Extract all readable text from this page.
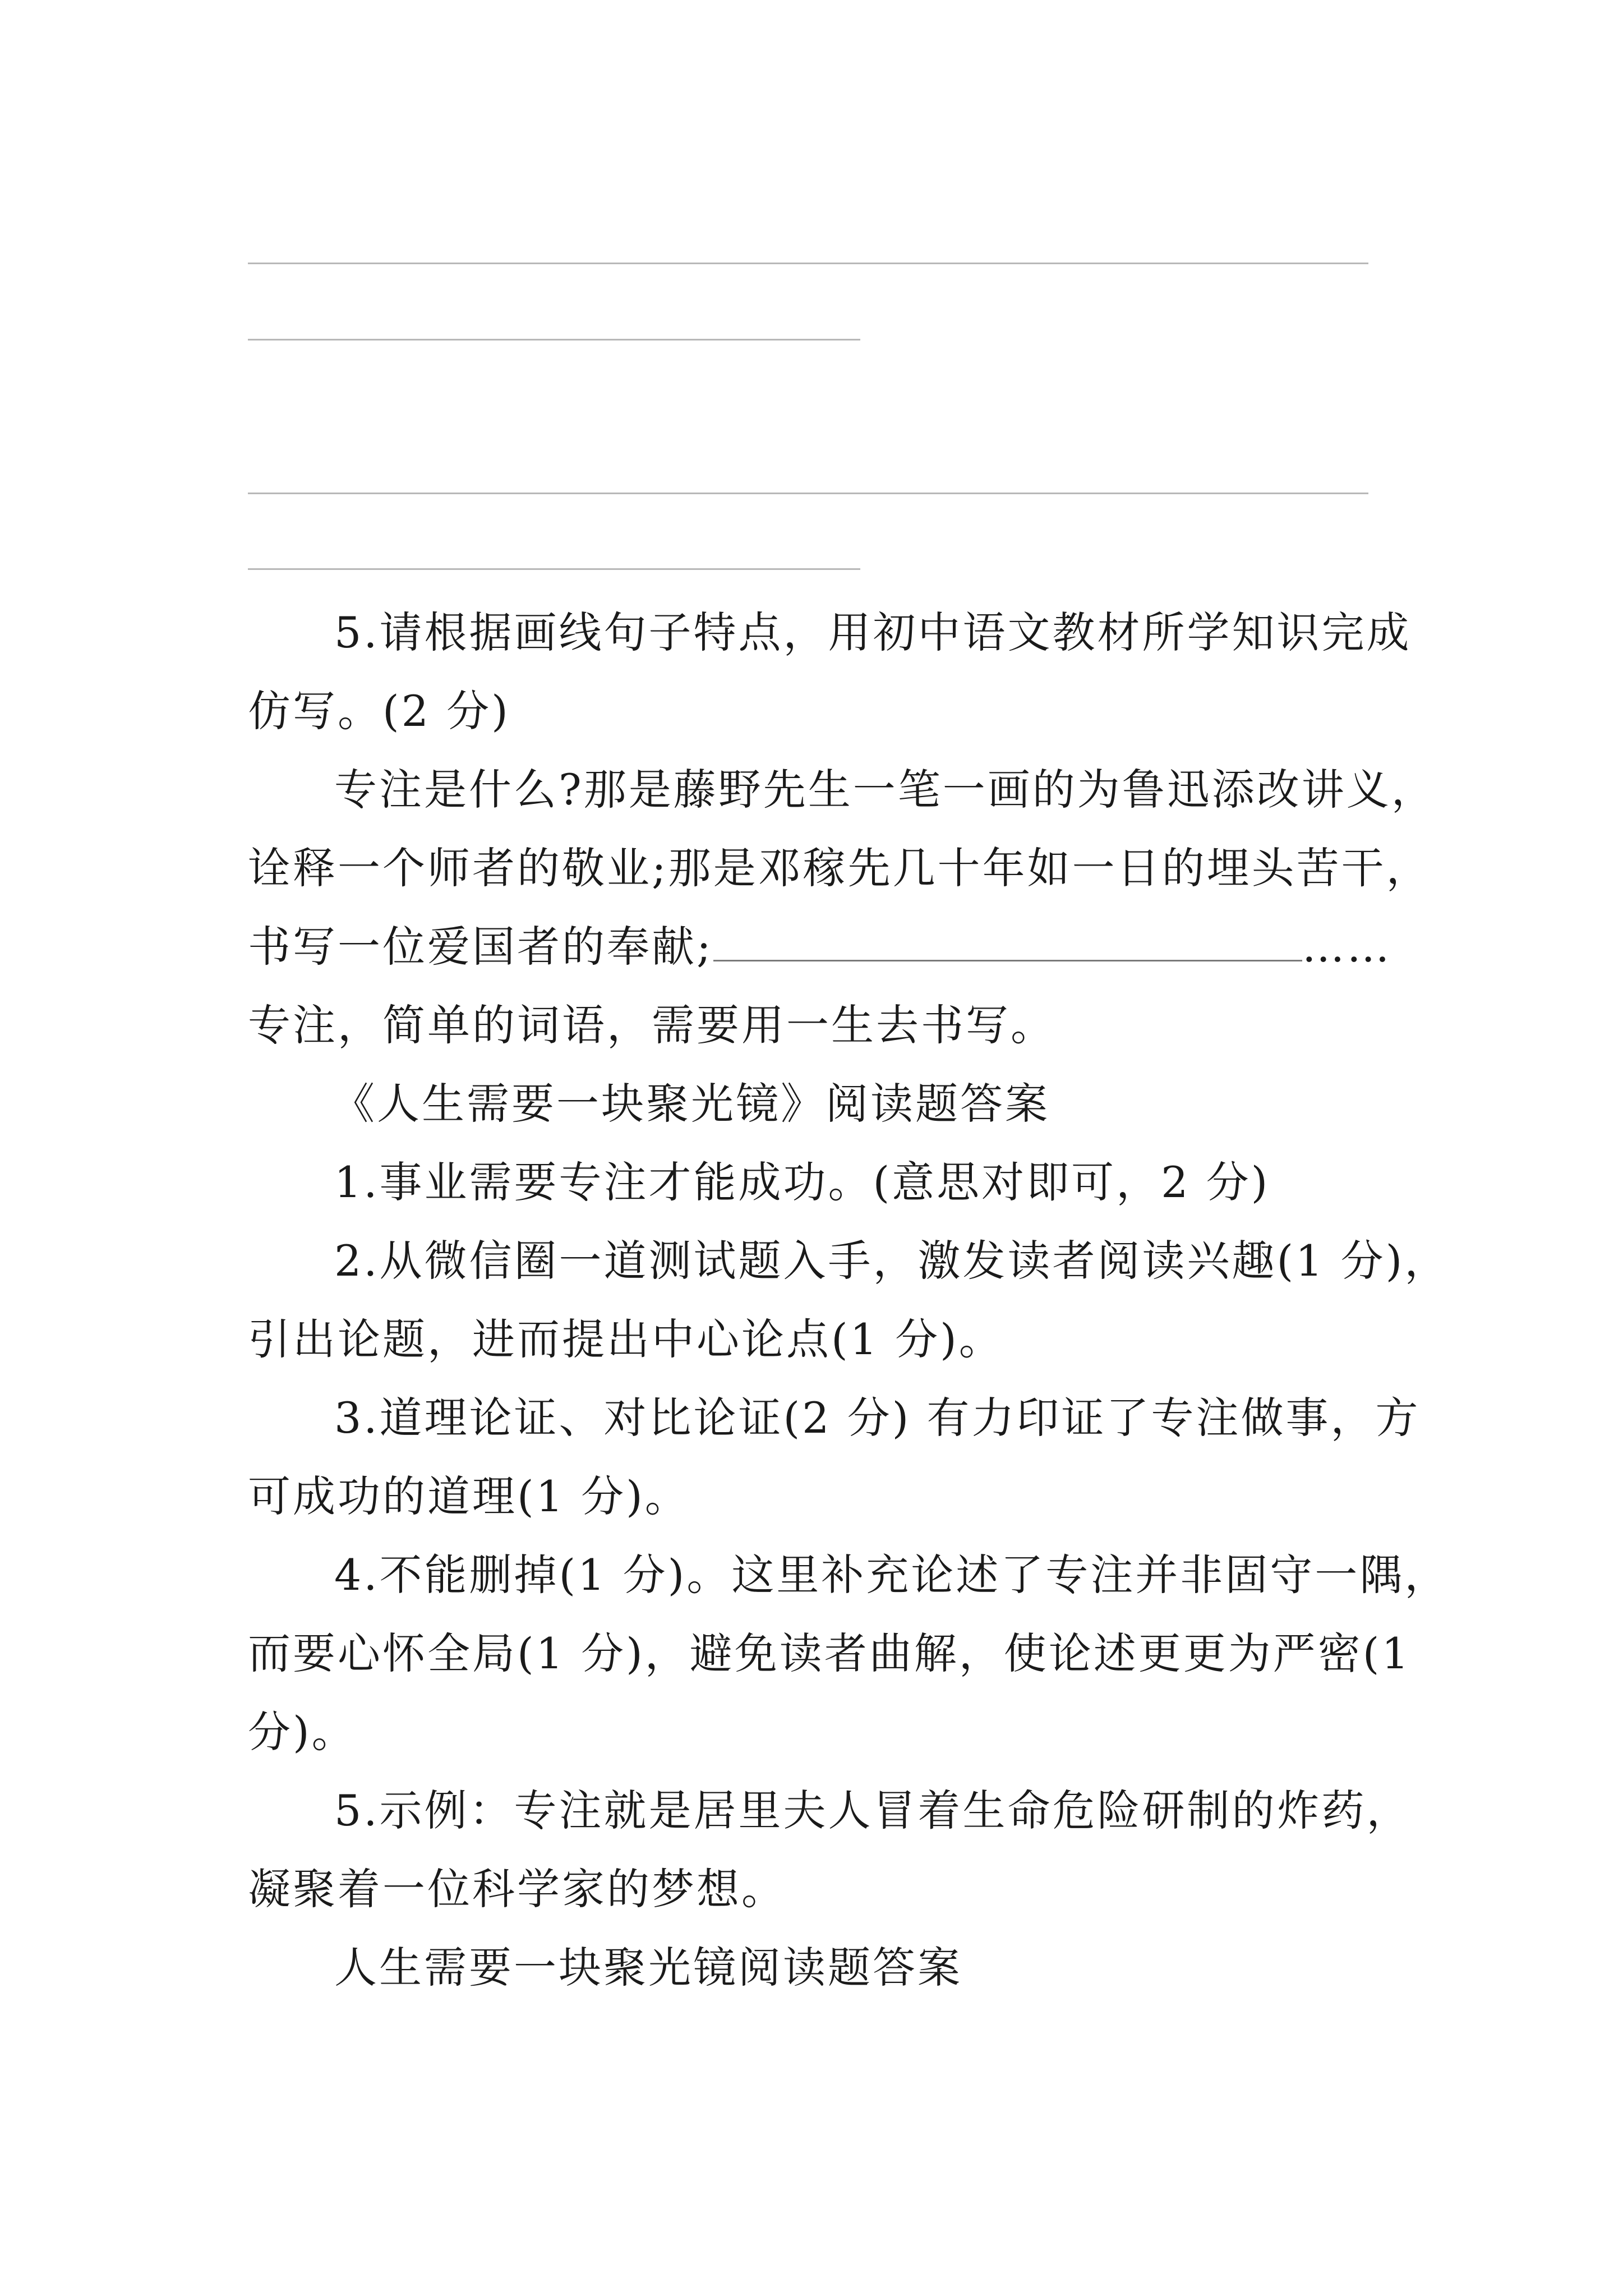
5.请根据画线句子特点，用初中语文教材所学知识完成
仿写。(2 分)
专注是什么?那是藤野先生一笔一画的为鲁迅添改讲义，
诠释一个师者的敬业;那是邓稼先几十年如一日的埋头苦干，
书写一位爱国者的奉献;	……
专注，简单的词语，需要用一生去书写。
《人生需要一块聚光镜》阅读题答案
1.事业需要专注才能成功。(意思对即可，2 分)
2.从微信圈一道测试题入手，激发读者阅读兴趣(1 分)，
引出论题，进而提出中心论点(1 分)。
3.道理论证、对比论证(2 分) 有力印证了专注做事，方
可成功的道理(1 分)。
4.不能删掉(1 分)。这里补充论述了专注并非固守一隅，
而要心怀全局(1 分)，避免读者曲解，使论述更更为严密(1
分)。
5.示例：专注就是居里夫人冒着生命危险研制的炸药，
凝聚着一位科学家的梦想。
人生需要一块聚光镜阅读题答案
